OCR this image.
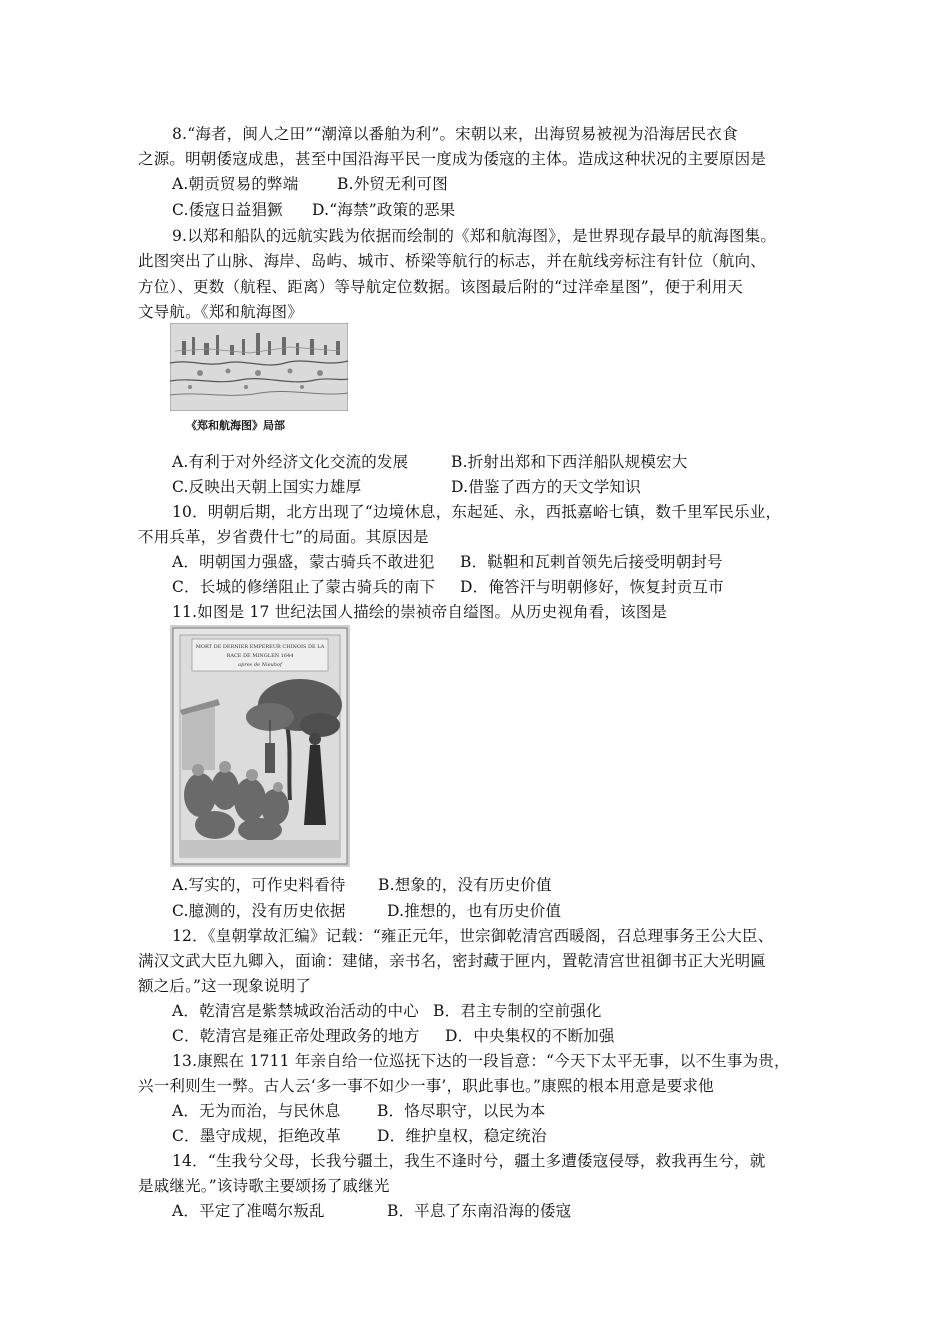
8.“海者，闽人之田”“潮漳以番舶为利”。宋朝以来，出海贸易被视为沿海居民衣食
之源。明朝倭寇成患，甚至中国沿海平民一度成为倭寇的主体。造成这种状况的主要原因是
A.朝贡贸易的弊端 B.外贸无利可图
C.倭寇日益猖獗 D.“海禁”政策的恶果
9.以郑和船队的远航实践为依据而绘制的《郑和航海图》，是世界现存最早的航海图集。
此图突出了山脉、海岸、岛屿、城市、桥梁等航行的标志，并在航线旁标注有针位（航向、
方位）、更数（航程、距离）等导航定位数据。该图最后附的“过洋牵星图”，便于利用天
文导航。《郑和航海图》
《郑和航海图》局部
A.有利于对外经济文化交流的发展	B.折射出郑和下西洋船队规模宏大
C.反映出天朝上国实力雄厚	D.借鉴了西方的天文学知识
10．明朝后期，北方出现了“边境休息，东起延、永，西抵嘉峪七镇，数千里军民乐业，
不用兵革，岁省费什七”的局面。其原因是
A．明朝国力强盛，蒙古骑兵不敢进犯 B．鞑靼和瓦剌首领先后接受明朝封号
C．长城的修缮阻止了蒙古骑兵的南下 D．俺答汗与明朝修好，恢复封贡互市
11.如图是 17 世纪法国人描绘的崇祯帝自缢图。从历史视角看，该图是
MORT DE DERNIER EMPEREUR CHINOIS DE LA
RACE DE MINGLEN 1644
apres de Nieuhof
A.写实的，可作史料看待 B.想象的，没有历史价值
C.臆测的，没有历史依据	D.推想的，也有历史价值
12．《皇朝掌故汇编》记载：“雍正元年，世宗御乾清宫西暖阁，召总理事务王公大臣、
满汉文武大臣九卿入，面谕：建储，亲书名，密封藏于匣内，置乾清宫世祖御书正大光明匾
额之后。”这一现象说明了
A．乾清宫是紫禁城政治活动的中心 B．君主专制的空前强化
C．乾清宫是雍正帝处理政务的地方 D．中央集权的不断加强
13.康熙在 1711 年亲自给一位巡抚下达的一段旨意：“今天下太平无事，以不生事为贵，
兴一利则生一弊。古人云‘多一事不如少一事’，职此事也。”康熙的根本用意是要求他
A．无为而治，与民休息 B．恪尽职守，以民为本
C．墨守成规，拒绝改革 D．维护皇权，稳定统治
14．“生我兮父母，长我兮疆土，我生不逢时兮，疆土多遭倭寇侵辱，救我再生兮，就
是戚继光。”该诗歌主要颂扬了戚继光
A．平定了准噶尔叛乱	B．平息了东南沿海的倭寇
